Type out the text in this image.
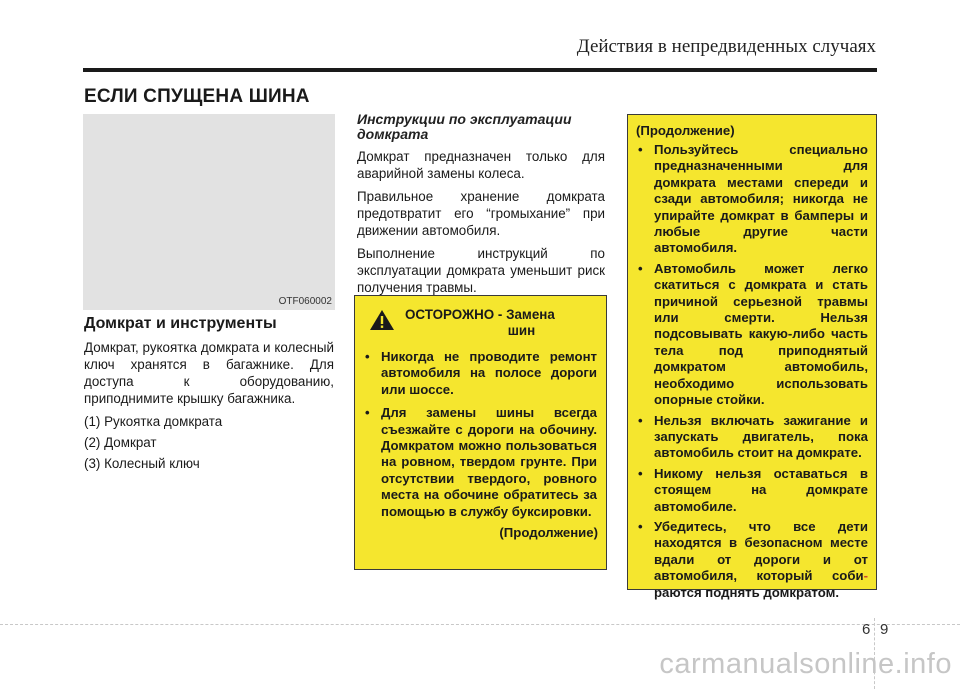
Действия в непредвиденных случаях
ЕСЛИ СПУЩЕНА ШИНА
OTF060002
Домкрат и инструменты

Домкрат, рукоятка домкрата и колесный ключ хранятся в багажнике. Для доступа к оборудованию, приподнимите крышку багажника.

(1) Рукоятка домкрата
(2) Домкрат
(3) Колесный ключ
Инструкции по эксплуатации домкрата

Домкрат предназначен только для аварийной замены колеса.

Правильное хранение домкрата предотвратит его “громыхание” при движении автомобиля.

Выполнение инструкций по эксплуатации домкрата уменьшит риск получения травмы.

ОСТОРОЖНО - Замена
шин
• Никогда не проводите ремонт автомобиля на полосе дороги или шоссе.
• Для замены шины всегда съезжайте с дороги на обочину. Домкратом можно пользоваться на ровном, твердом грунте. При отсутствии твердого, ровного места на обочине обратитесь за помощью в службу буксировки.
(Продолжение)
(Продолжение)
• Пользуйтесь специально предназначенными для домкрата местами спереди и сзади автомобиля; никогда не упирайте домкрат в бамперы и любые другие части автомобиля.
• Автомобиль может легко скатиться с домкрата и стать причиной серьезной травмы или смерти. Нельзя подсовывать какую-либо часть тела под приподнятый домкратом автомобиль, необходимо использовать опорные стойки.
• Нельзя включать зажигание и запускать двигатель, пока автомобиль стоит на домкрате.
• Никому нельзя оставаться в стоящем на домкрате автомобиле.
• Убедитесь, что все дети находятся в безопасном месте вдали от дороги и от автомобиля, который соби- раются поднять домкратом.
6 9
carmanualsonline.info
